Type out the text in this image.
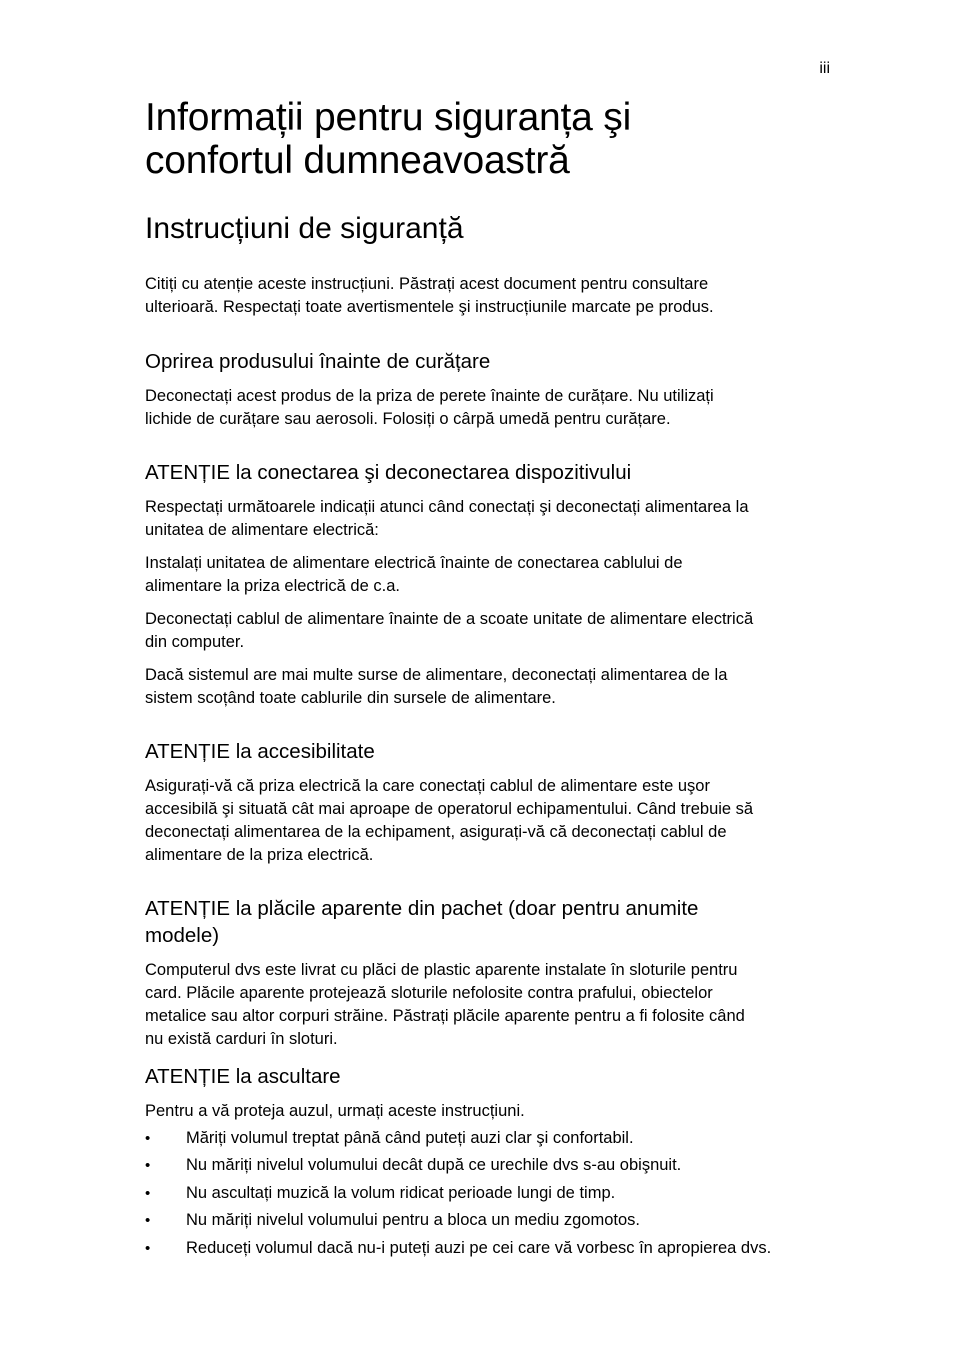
iii
Informații pentru siguranța şi
confortul dumneavoastră
Instrucțiuni de siguranță

Citiți cu atenție aceste instrucțiuni. Păstrați acest document pentru consultare
ulterioară. Respectați toate avertismentele şi instrucțiunile marcate pe produs.

Oprirea produsului înainte de curățare

Deconectați acest produs de la priza de perete înainte de curățare. Nu utilizați
lichide de curățare sau aerosoli. Folosiți o cârpă umedă pentru curățare.

ATENȚIE la conectarea şi deconectarea dispozitivului

Respectați următoarele indicații atunci când conectați şi deconectați alimentarea la
unitatea de alimentare electrică:

Instalați unitatea de alimentare electrică înainte de conectarea cablului de
alimentare la priza electrică de c.a.

Deconectați cablul de alimentare înainte de a scoate unitate de alimentare electrică
din computer.

Dacă sistemul are mai multe surse de alimentare, deconectați alimentarea de la
sistem scoțând toate cablurile din sursele de alimentare.

ATENȚIE la accesibilitate

Asigurați-vă că priza electrică la care conectați cablul de alimentare este uşor
accesibilă şi situată cât mai aproape de operatorul echipamentului. Când trebuie să
deconectați alimentarea de la echipament, asigurați-vă că deconectați cablul de
alimentare de la priza electrică.

ATENȚIE la plăcile aparente din pachet (doar pentru anumite
modele)

Computerul dvs este livrat cu plăci de plastic aparente instalate în sloturile pentru
card. Plăcile aparente protejează sloturile nefolosite contra prafului, obiectelor
metalice sau altor corpuri străine. Păstrați plăcile aparente pentru a fi folosite când
nu există carduri în sloturi.

ATENȚIE la ascultare

Pentru a vă proteja auzul, urmați aceste instrucțiuni.

• Măriți volumul treptat până când puteți auzi clar şi confortabil.
• Nu măriți nivelul volumului decât după ce urechile dvs s-au obişnuit.
• Nu ascultați muzică la volum ridicat perioade lungi de timp.
• Nu măriți nivelul volumului pentru a bloca un mediu zgomotos.
• Reduceți volumul dacă nu-i puteți auzi pe cei care vă vorbesc în apropierea dvs.
